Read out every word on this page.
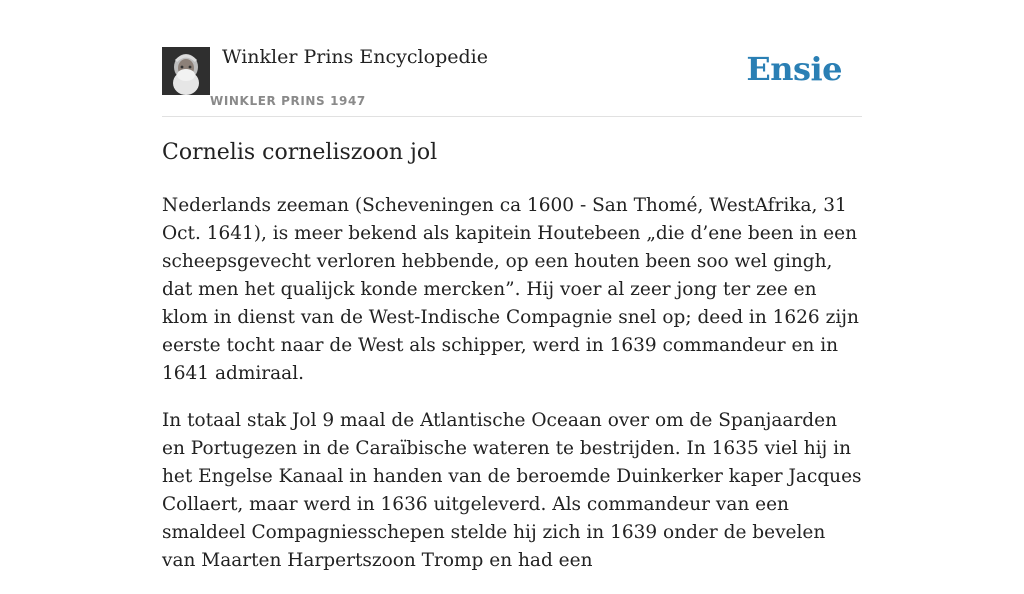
Winkler Prins Encyclopedie
WINKLER PRINS 1947
Ensie
Cornelis corneliszoon jol

Nederlands zeeman (Scheveningen ca 1600 - San Thomé, WestAfrika, 31 Oct. 1641), is meer bekend als kapitein Houtebeen „die d’ene been in een scheepsgevecht verloren hebbende, op een houten been soo wel gingh, dat men het qualijck konde mercken”. Hij voer al zeer jong ter zee en klom in dienst van de West-Indische Compagnie snel op; deed in 1626 zijn eerste tocht naar de West als schipper, werd in 1639 commandeur en in 1641 admiraal.

In totaal stak Jol 9 maal de Atlantische Oceaan over om de Spanjaarden en Portugezen in de Caraïbische wateren te bestrijden. In 1635 viel hij in het Engelse Kanaal in handen van de beroemde Duinkerker kaper Jacques Collaert, maar werd in 1636 uitgeleverd. Als commandeur van een smaldeel Compagniesschepen stelde hij zich in 1639 onder de bevelen van Maarten Harpertszoon Tromp en had een
